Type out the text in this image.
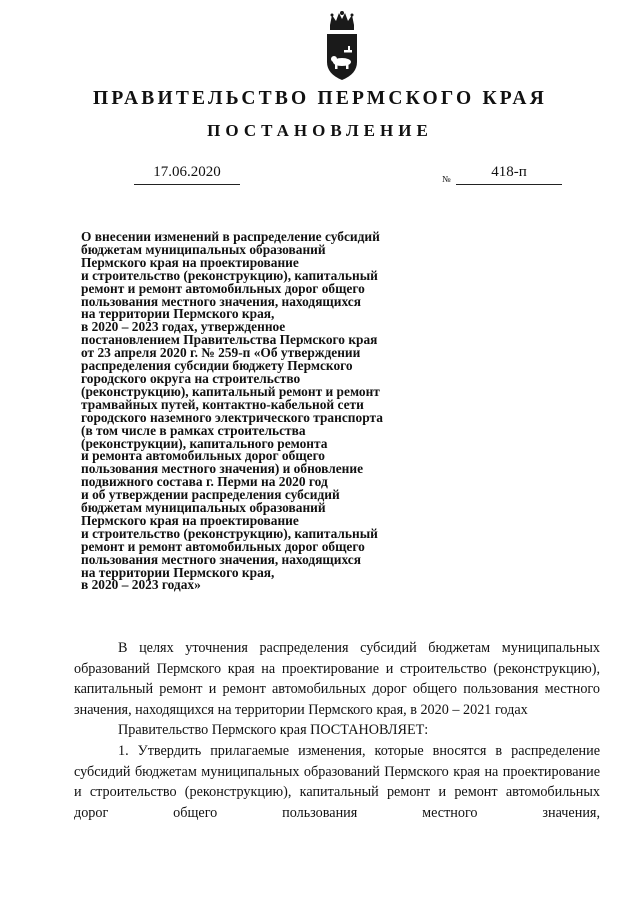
ПРАВИТЕЛЬСТВО ПЕРМСКОГО КРАЯ
ПОСТАНОВЛЕНИЕ
17.06.2020	№	418-п
О внесении изменений в распределение субсидий
бюджетам муниципальных образований
Пермского края на проектирование
и строительство (реконструкцию), капитальный
ремонт и ремонт автомобильных дорог общего
пользования местного значения, находящихся
на территории Пермского края,
в 2020 – 2023 годах, утвержденное
постановлением Правительства Пермского края
от 23 апреля 2020 г. № 259-п «Об утверждении
распределения субсидии бюджету Пермского
городского округа на строительство
(реконструкцию), капитальный ремонт и ремонт
трамвайных путей, контактно-кабельной сети
городского наземного электрического транспорта
(в том числе в рамках строительства
(реконструкции), капитального ремонта
и ремонта автомобильных дорог общего
пользования местного значения) и обновление
подвижного состава г. Перми на 2020 год
и об утверждении распределения субсидий
бюджетам муниципальных образований
Пермского края на проектирование
и строительство (реконструкцию), капитальный
ремонт и ремонт автомобильных дорог общего
пользования местного значения, находящихся
на территории Пермского края,
в 2020 – 2023 годах»
В целях уточнения распределения субсидий бюджетам муниципальных образований Пермского края на проектирование и строительство (реконструкцию), капитальный ремонт и ремонт автомобильных дорог общего пользования местного значения, находящихся на территории Пермского края, в 2020 – 2021 годах
Правительство Пермского края ПОСТАНОВЛЯЕТ:
1. Утвердить прилагаемые изменения, которые вносятся в распределение субсидий бюджетам муниципальных образований Пермского края на проектирование и строительство (реконструкцию), капитальный ремонт и ремонт автомобильных дорог общего пользования местного значения,
